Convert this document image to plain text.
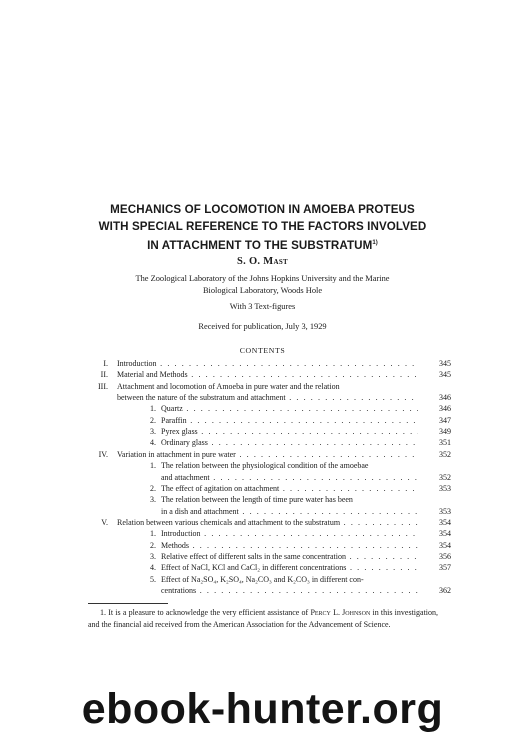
MECHANICS OF LOCOMOTION IN AMOEBA PROTEUS
WITH SPECIAL REFERENCE TO THE FACTORS INVOLVED
IN ATTACHMENT TO THE SUBSTRATUM$^{1)}$
S. O. Mast
The Zoological Laboratory of the Johns Hopkins University and the Marine
Biological Laboratory, Woods Hole
With 3 Text-figures
Received for publication, July 3, 1929
CONTENTS
I. Introduction . . .	345
II. Material and Methods . . .	345
III. Attachment and locomotion of Amoeba in pure water and the relation
between the nature of the substratum and attachment . . .	346
1. Quartz . . .	346
2. Paraffin . . .	347
3. Pyrex glass . . .	349
4. Ordinary glass . . .	351
IV. Variation in attachment in pure water . . .	352
1. The relation between the physiological condition of the amoebae
and attachment . . .	352
2. The effect of agitation on attachment . . .	353
3. The relation between the length of time pure water has been
in a dish and attachment . . .	353
V. Relation between various chemicals and attachment to the substratum . . .	354
1. Introduction . . .	354
2. Methods . . .	354
3. Relative effect of different salts in the same concentration . . .	356
4. Effect of NaCl, KCl and CaCl₂ in different concentrations . . .	357
5. Effect of Na₂SO₄, K₂SO₄, Na₂CO₃ and K₂CO₃ in different con-
centrations . . .	362
1. It is a pleasure to acknowledge the very efficient assistance of Percy L. Johnson in this investigation, and the financial aid received from the American Association for the Advancement of Science.
ebook-hunter.org
